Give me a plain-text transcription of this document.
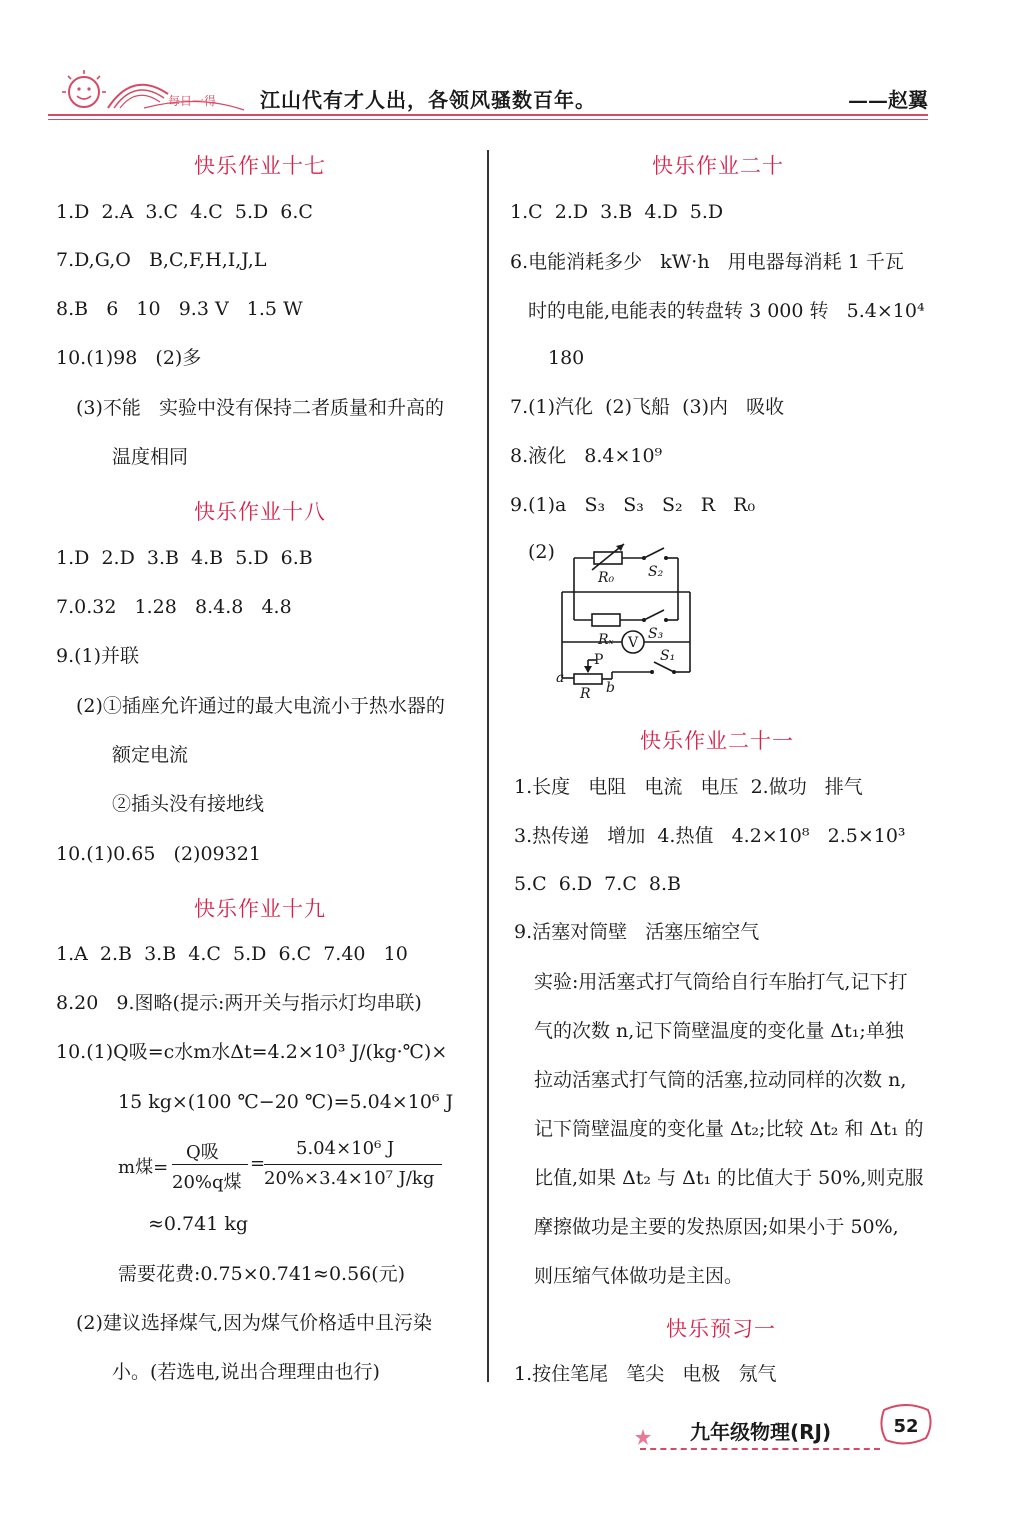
每日一得 江山代有才人出，各领风骚数百年。	——赵翼
快乐作业十七
1.D  2.A  3.C  4.C  5.D  6.C
7.D,G,O   B,C,F,H,I,J,L
8.B   6   10   9.3 V   1.5 W
10.(1)98   (2)多
(3)不能   实验中没有保持二者质量和升高的
温度相同
快乐作业十八
1.D  2.D  3.B  4.B  5.D  6.B
7.0.32   1.28   8.4.8   4.8
9.(1)并联
(2)①插座允许通过的最大电流小于热水器的
额定电流
②插头没有接地线
10.(1)0.65   (2)09321
快乐作业十九
1.A  2.B  3.B  4.C  5.D  6.C  7.40   10
8.20   9.图略(提示:两开关与指示灯均串联)
10.(1)Q吸=c水m水Δt=4.2×10³ J/(kg·℃)×
15 kg×(100 ℃−20 ℃)=5.04×10⁶ J
m煤=
Q吸
20%q煤
=
5.04×10⁶ J
20%×3.4×10⁷ J/kg
≈0.741 kg
需要花费:0.75×0.741≈0.56(元)
(2)建议选择煤气,因为煤气价格适中且污染
小。(若选电,说出合理理由也行)
快乐作业二十
1.C  2.D  3.B  4.D  5.D
6.电能消耗多少   kW·h   用电器每消耗 1 千瓦
时的电能,电能表的转盘转 3 000 转   5.4×10⁴
180
7.(1)汽化  (2)飞船  (3)内   吸收
8.液化   8.4×10⁹
9.(1)a   S₃   S₃   S₂   R   R₀
(2)
R₀ S₂
Rₓ S₃
V
P	S₁
a
R b
快乐作业二十一
1.长度   电阻   电流   电压  2.做功   排气
3.热传递   增加  4.热值   4.2×10⁸   2.5×10³
5.C  6.D  7.C  8.B
9.活塞对筒壁   活塞压缩空气
实验:用活塞式打气筒给自行车胎打气,记下打
气的次数 n,记下筒壁温度的变化量 Δt₁;单独
拉动活塞式打气筒的活塞,拉动同样的次数 n,
记下筒壁温度的变化量 Δt₂;比较 Δt₂ 和 Δt₁ 的
比值,如果 Δt₂ 与 Δt₁ 的比值大于 50%,则克服
摩擦做功是主要的发热原因;如果小于 50%,
则压缩气体做功是主因。
快乐预习一
1.按住笔尾   笔尖   电极   氖气
九年级物理(RJ)	52
